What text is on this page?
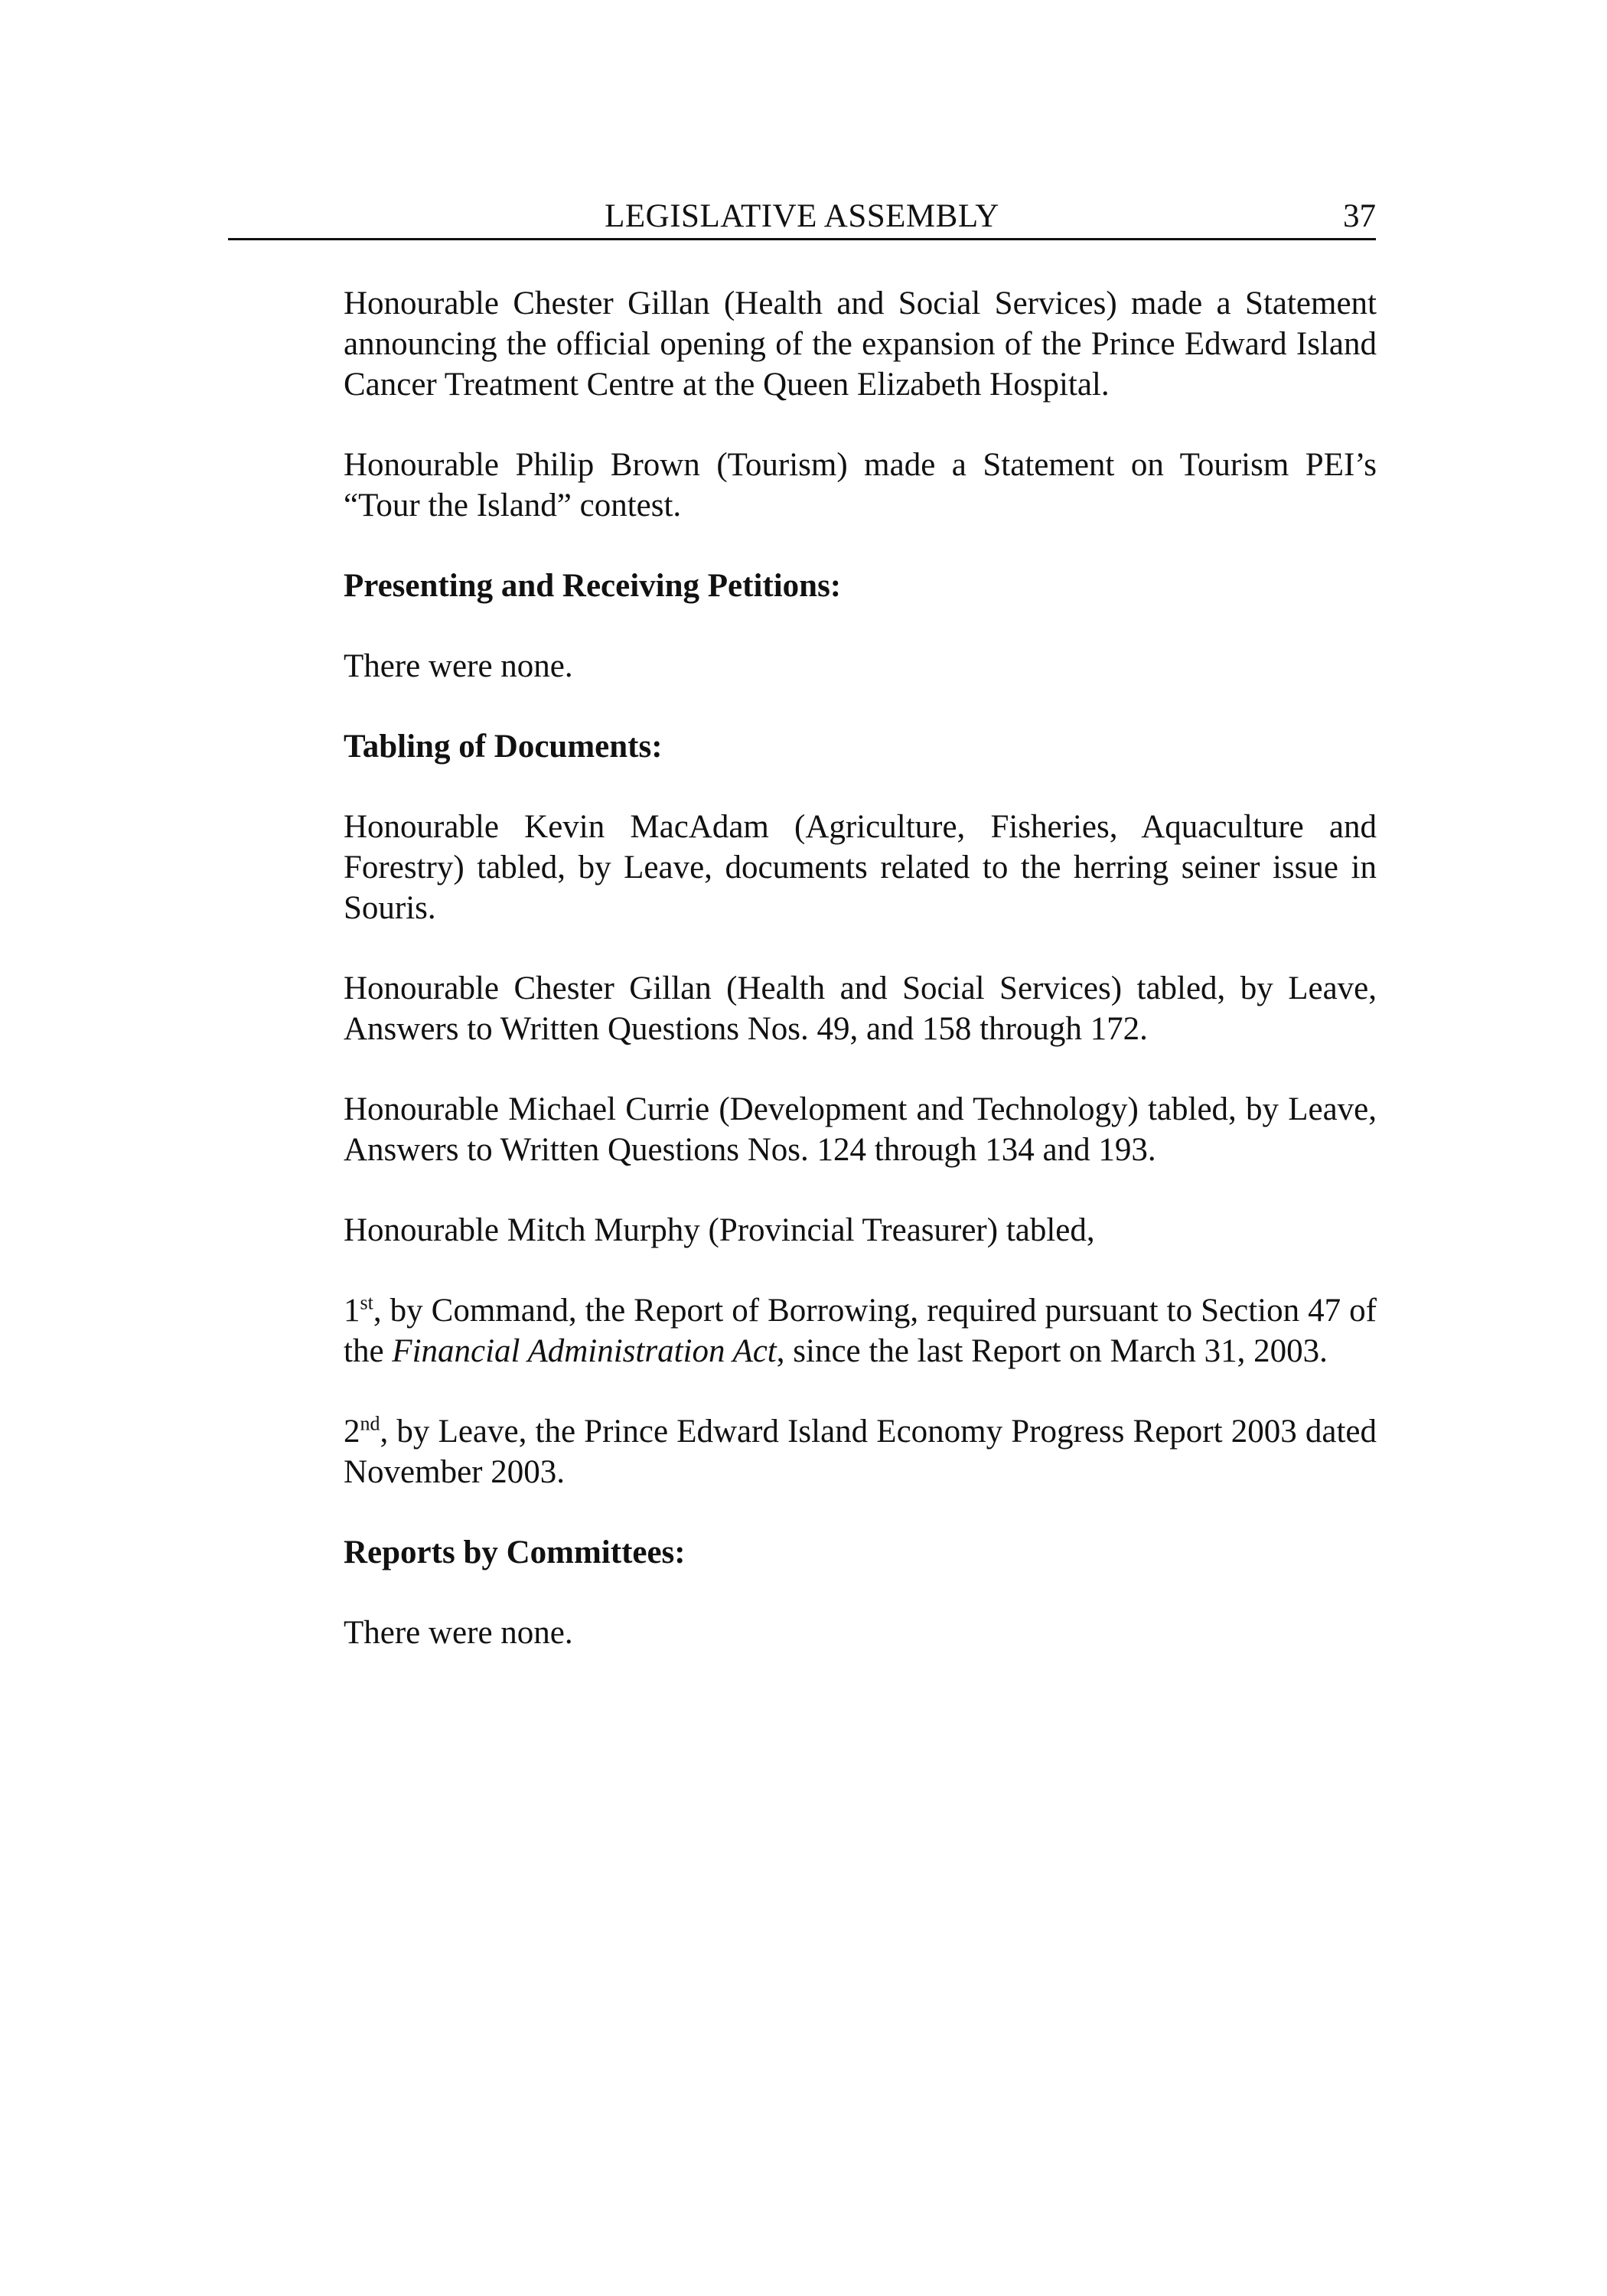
LEGISLATIVE ASSEMBLY	37

Honourable Chester Gillan (Health and Social Services) made a Statement announcing the official opening of the expansion of the Prince Edward Island Cancer Treatment Centre at the Queen Elizabeth Hospital.

Honourable Philip Brown (Tourism) made a Statement on Tourism PEI’s “Tour the Island” contest.

Presenting and Receiving Petitions:

There were none.

Tabling of Documents:

Honourable Kevin MacAdam (Agriculture, Fisheries, Aquaculture and Forestry) tabled, by Leave, documents related to the herring seiner issue in Souris.

Honourable Chester Gillan (Health and Social Services) tabled, by Leave, Answers to Written Questions Nos. 49, and 158 through 172.

Honourable Michael Currie (Development and Technology) tabled, by Leave, Answers to Written Questions Nos. 124 through 134 and 193.

Honourable Mitch Murphy (Provincial Treasurer) tabled,

1st, by Command, the Report of Borrowing, required pursuant to Section 47 of the Financial Administration Act, since the last Report on March 31, 2003.

2nd, by Leave, the Prince Edward Island Economy Progress Report 2003 dated November 2003.

Reports by Committees:

There were none.
